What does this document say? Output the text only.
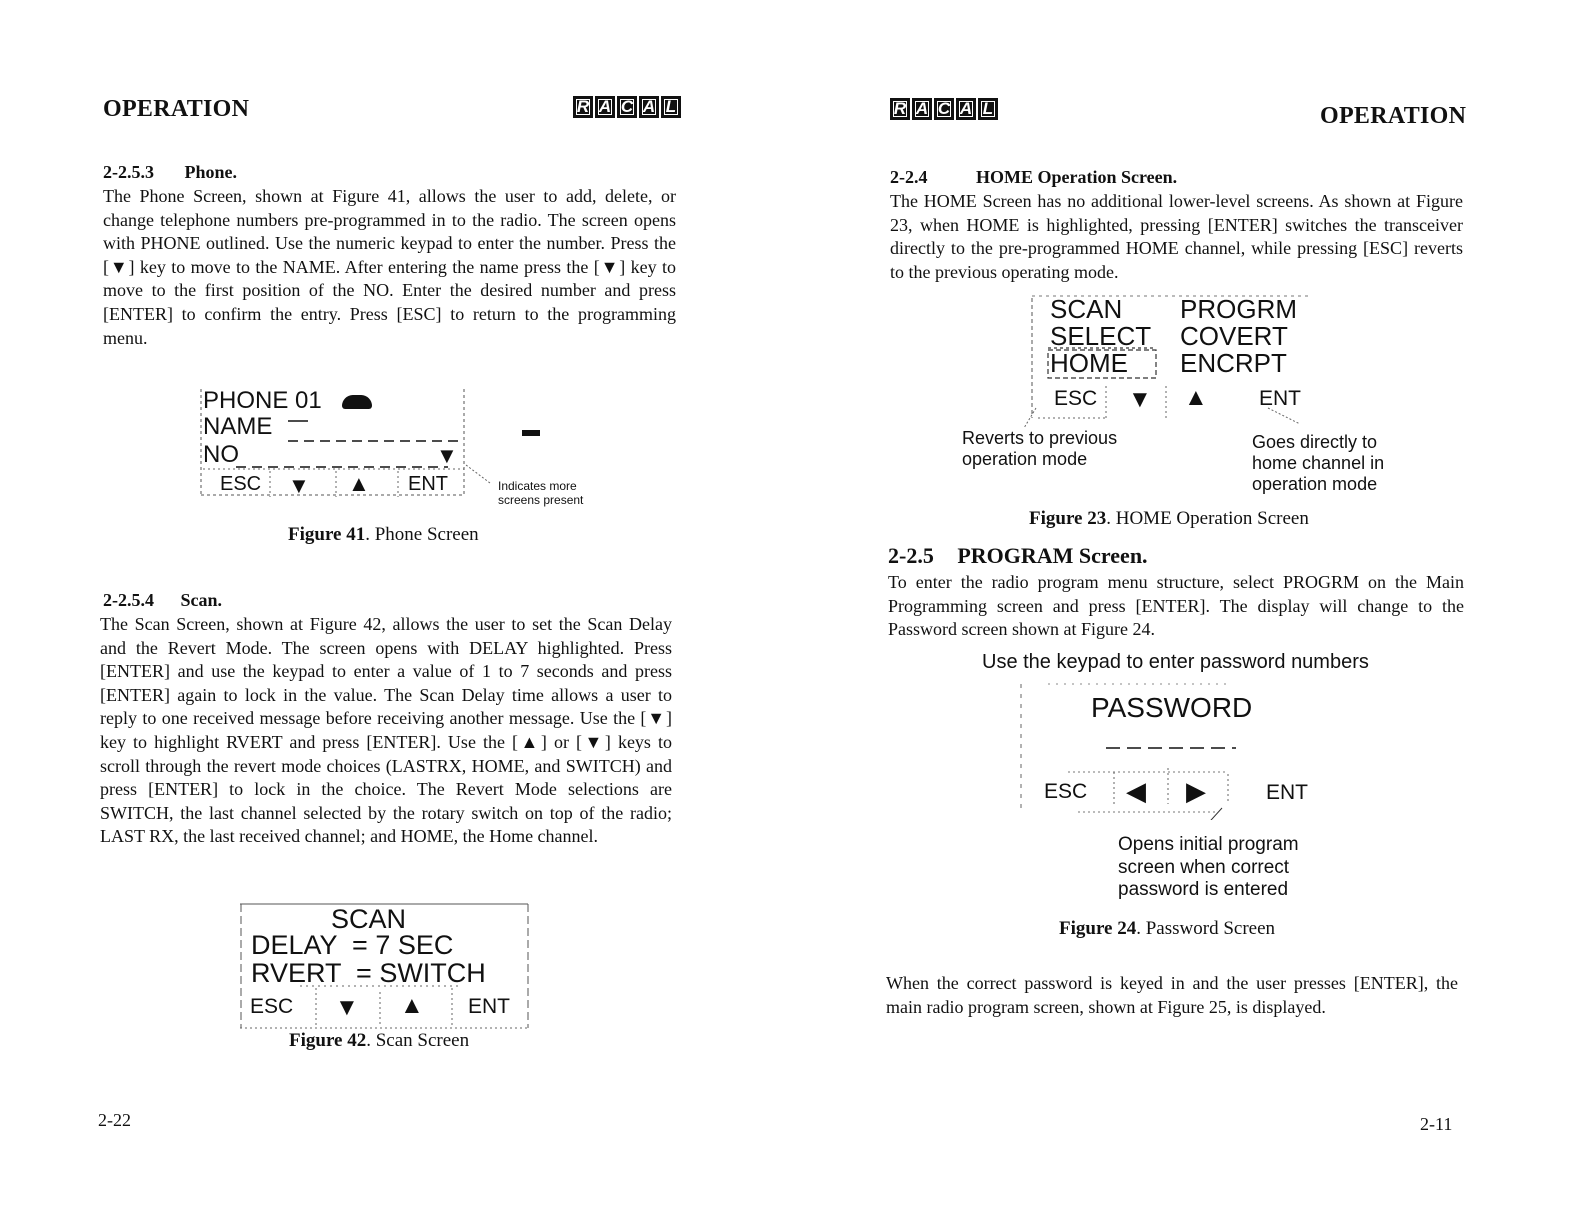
OPERATION	R A C A L
2-2.5.3 Phone.
The Phone Screen, shown at Figure 41, allows the user to add, delete, or change telephone numbers pre-programmed in to the radio. The screen opens with PHONE outlined. Use the numeric keypad to enter the number. Press the [▼] key to move to the NAME. After entering the name press the [▼] key to move to the first position of the NO. Enter the desired number and press [ENTER] to confirm the entry. Press [ESC] to return to the programming menu.
PHONE 01
NAME
NO	▼
ESC ▼ ▲ ENT	Indicates more screens present
Figure 41. Phone Screen
2-2.5.4 Scan.
The Scan Screen, shown at Figure 42, allows the user to set the Scan Delay and the Revert Mode. The screen opens with DELAY highlighted. Press [ENTER] and use the keypad to enter a value of 1 to 7 seconds and press [ENTER] again to lock in the value. The Scan Delay time allows a user to reply to one received message before receiving another message. Use the [▼] key to highlight RVERT and press [ENTER]. Use the [▲] or [▼] keys to scroll through the revert mode choices (LASTRX, HOME, and SWITCH) and press [ENTER] to lock in the choice. The Revert Mode selections are SWITCH, the last channel selected by the rotary switch on top of the radio; LAST RX, the last received channel; and HOME, the Home channel.
SCAN
DELAY  = 7 SEC
RVERT  = SWITCH
ESC ▼ ▲ ENT
Figure 42. Scan Screen
2-22
R A C A L	OPERATION
2-2.4	HOME Operation Screen.
The HOME Screen has no additional lower-level screens. As shown at Figure 23, when HOME is highlighted, pressing [ENTER] switches the transceiver directly to the pre-programmed HOME channel, while pressing [ESC] reverts to the previous operating mode.
SCAN
SELECT
HOME
PROGRM
COVERT
ENCRPT
ESC ▼ ▲ ENT
Reverts to previous operation mode
Goes directly to home channel in operation mode
Figure 23. HOME Operation Screen
2-2.5 PROGRAM Screen.
To enter the radio program menu structure, select PROGRM on the Main Programming screen and press [ENTER]. The display will change to the Password screen shown at Figure 24.
Use the keypad to enter password numbers
PASSWORD
ESC ◀ ▶	ENT
Opens initial program screen when correct password is entered
Figure 24. Password Screen
When the correct password is keyed in and the user presses [ENTER], the main radio program screen, shown at Figure 25, is displayed.
2-11
